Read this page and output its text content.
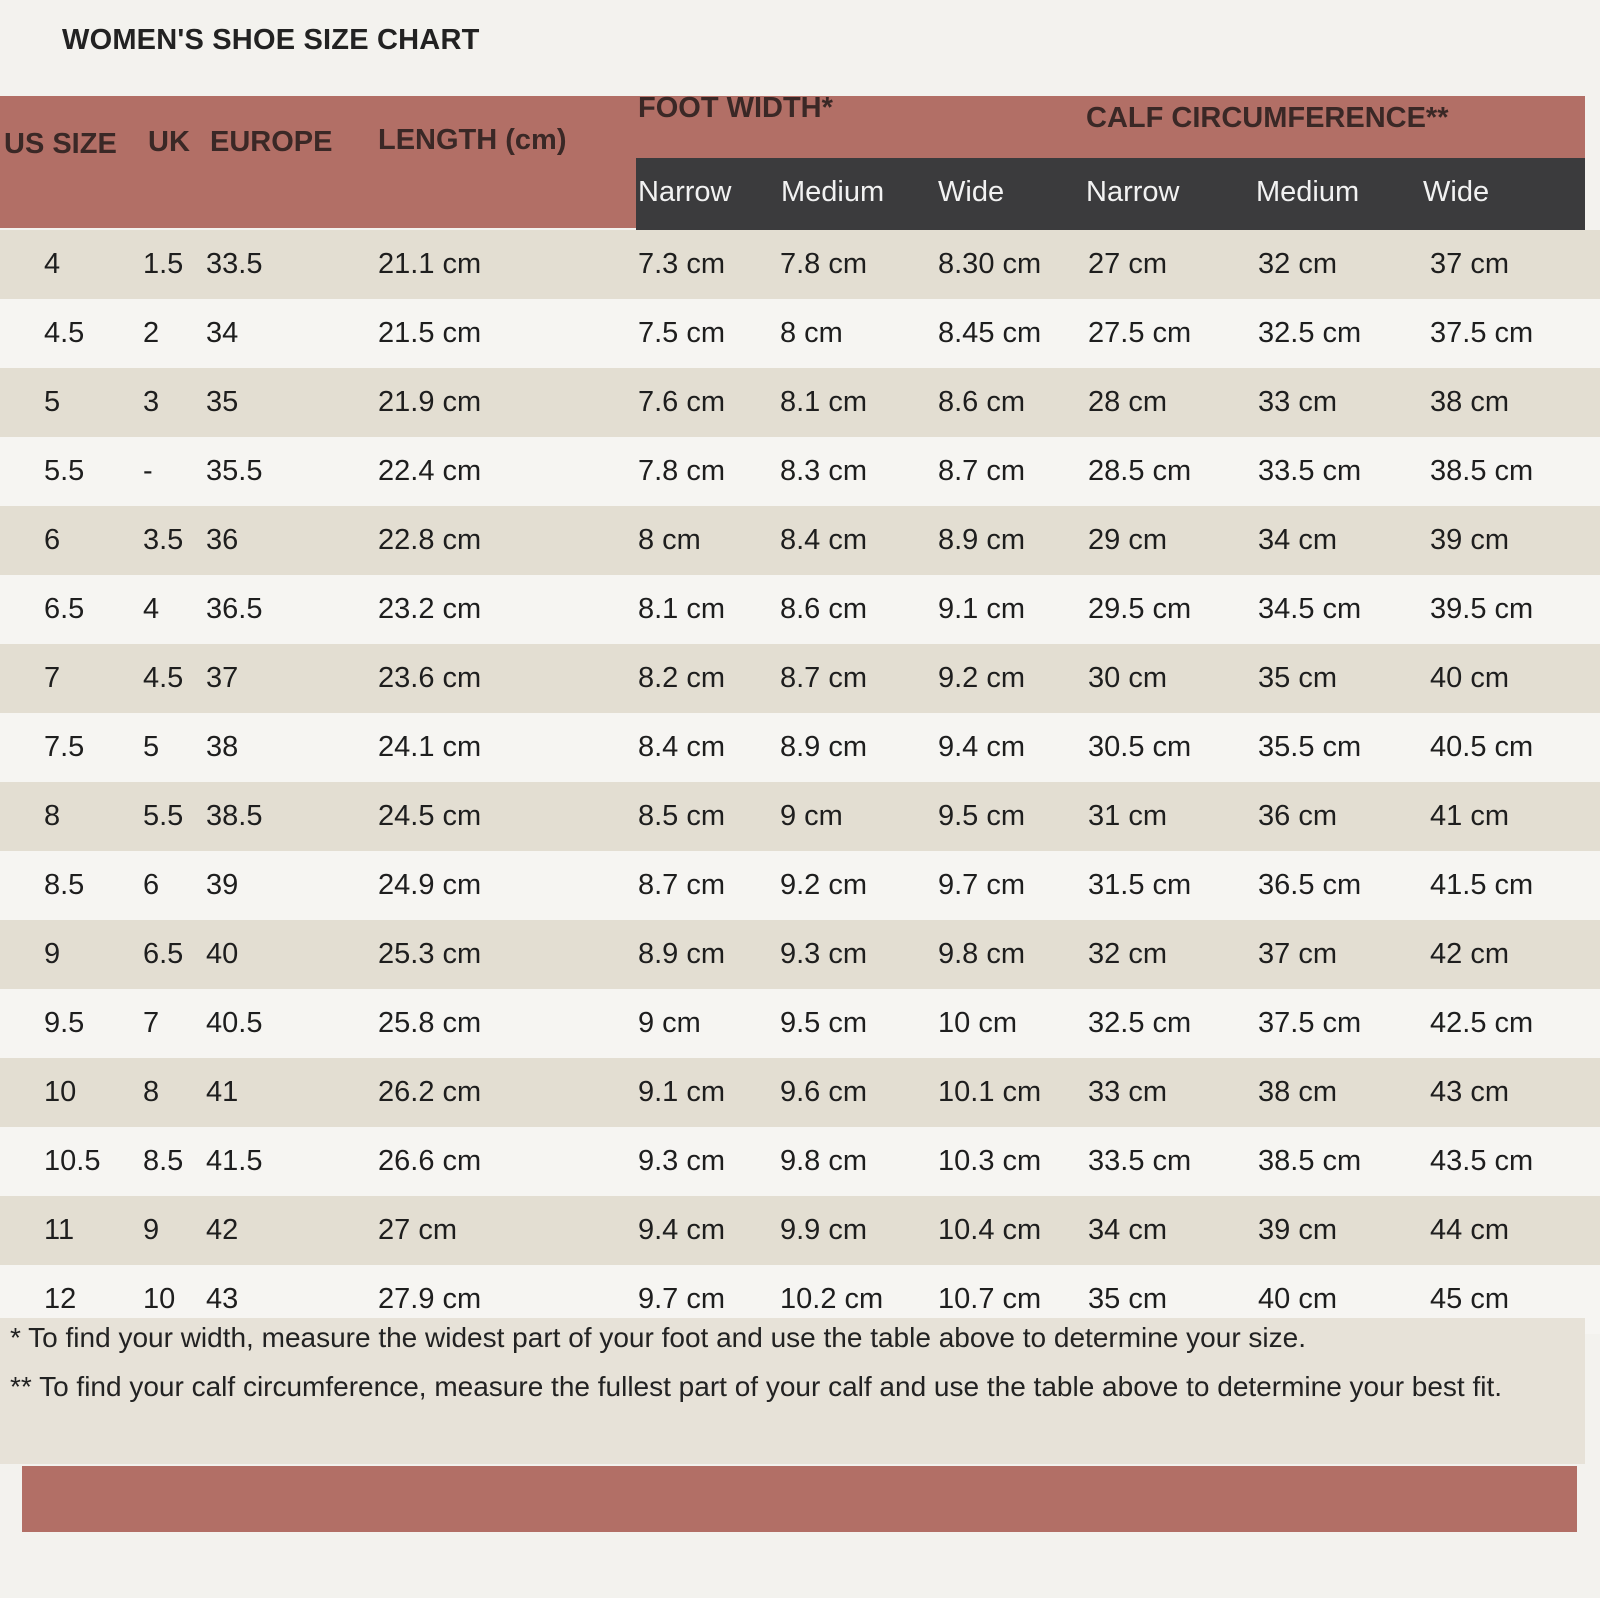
WOMEN'S SHOE SIZE CHART
US SIZE UK EUROPE LENGTH (cm)
FOOT WIDTH*	CALF CIRCUMFERENCE**
Narrow Medium Wide	Narrow	Medium Wide
4	1.5 33.5	21.1 cm	7.3 cm 7.8 cm 8.30 cm 27 cm	32 cm	37 cm
4.5 2 34	21.5 cm	7.5 cm 8 cm	8.45 cm 27.5 cm 32.5 cm 37.5 cm
5	3 35	21.9 cm	7.6 cm 8.1 cm 8.6 cm 28 cm	33 cm	38 cm
5.5 - 35.5	22.4 cm	7.8 cm 8.3 cm 8.7 cm 28.5 cm 33.5 cm 38.5 cm
6	3.5 36	22.8 cm	8 cm	8.4 cm 8.9 cm 29 cm	34 cm	39 cm
6.5 4 36.5	23.2 cm	8.1 cm 8.6 cm 9.1 cm 29.5 cm 34.5 cm 39.5 cm
7	4.5 37	23.6 cm	8.2 cm 8.7 cm 9.2 cm 30 cm	35 cm	40 cm
7.5 5 38	24.1 cm	8.4 cm 8.9 cm 9.4 cm 30.5 cm 35.5 cm 40.5 cm
8	5.5 38.5	24.5 cm	8.5 cm 9 cm	9.5 cm 31 cm	36 cm	41 cm
8.5 6 39	24.9 cm	8.7 cm 9.2 cm 9.7 cm 31.5 cm 36.5 cm 41.5 cm
9	6.5 40	25.3 cm	8.9 cm 9.3 cm 9.8 cm 32 cm	37 cm	42 cm
9.5 7 40.5	25.8 cm	9 cm	9.5 cm 10 cm 32.5 cm 37.5 cm 42.5 cm
10 8 41	26.2 cm	9.1 cm 9.6 cm 10.1 cm 33 cm	38 cm	43 cm
10.5 8.5 41.5	26.6 cm	9.3 cm 9.8 cm 10.3 cm 33.5 cm 38.5 cm 43.5 cm
11 9 42	27 cm	9.4 cm 9.9 cm 10.4 cm 34 cm	39 cm	44 cm
12 10 43	27.9 cm	9.7 cm 10.2 cm 10.7 cm 35 cm	40 cm	45 cm
* To find your width, measure the widest part of your foot and use the table above to determine your size.
** To find your calf circumference, measure the fullest part of your calf and use the table above to determine your best fit.
